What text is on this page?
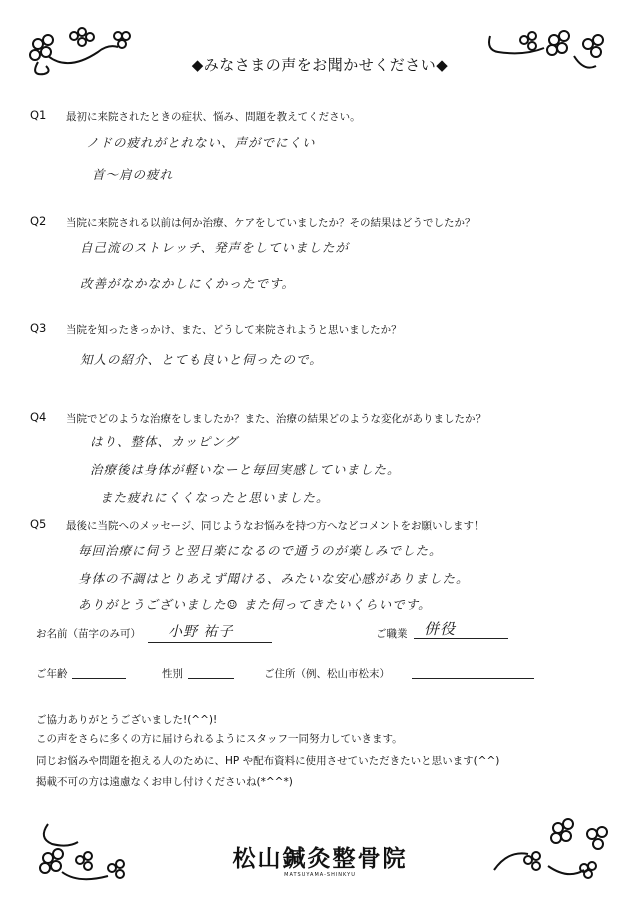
◆みなさまの声をお聞かせください◆
Q1 最初に来院されたときの症状、悩み、問題を教えてください。
ノドの疲れがとれない、声がでにくい
首～肩の疲れ
Q2 当院に来院される以前は何か治療、ケアをしていましたか？その結果はどうでしたか？
自己流のストレッチ、発声をしていましたが
改善がなかなかしにくかったです。
Q3 当院を知ったきっかけ、また、どうして来院されようと思いましたか？
知人の紹介、とても良いと伺ったので。
Q4 当院でどのような治療をしましたか？また、治療の結果どのような変化がありましたか？
はり、整体、カッピング
治療後は身体が軽いなーと毎回実感していました。
また疲れにくくなったと思いました。
Q5 最後に当院へのメッセージ、同じようなお悩みを持つ方へなどコメントをお願いします！
毎回治療に伺うと翌日楽になるので通うのが楽しみでした。
身体の不調はとりあえず聞ける、みたいな安心感がありました。
ありがとうございました☺ また伺ってきたいくらいです。
お名前（苗字のみ可） 小野 祐子	ご職業 併役
ご年齢	性別	ご住所（例、松山市松末）
ご協力ありがとうございました!(^^)!
この声をさらに多くの方に届けられるようにスタッフ一同努力していきます。
同じお悩みや問題を抱える人のために、HP や配布資料に使用させていただきたいと思います(^^)
掲載不可の方は遠慮なくお申し付けくださいね(*^^*)
松山鍼灸整骨院
MATSUYAMA-SHINKYU
